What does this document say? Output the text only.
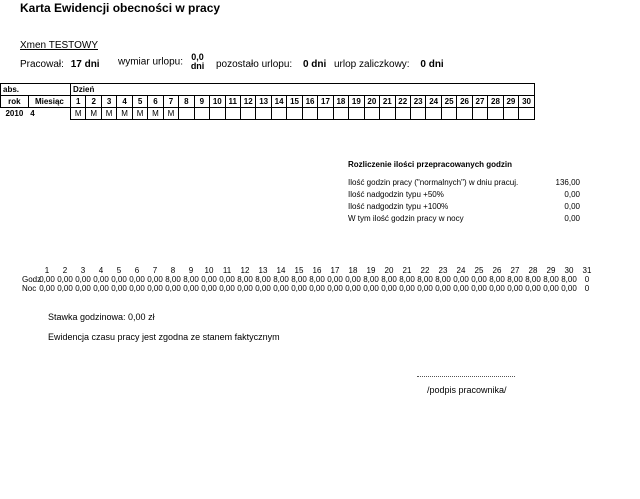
Karta Ewidencji obecności w pracy
Xmen TESTOWY
Pracował: 17 dni wymiar urlopu: 0,0
dni pozostało urlopu: 0 dni urlop zaliczkowy: 0 dni
abs.		Dzień																													
rok	Miesiąc	1	2	3	4	5	6	7	8	9	10	11	12	13	14	15	16	17	18	19	20	21	22	23	24	25	26	27	28	29	30
2010	4	M	M	M	M	M	M	M																							
Rozliczenie ilości przepracowanych godzin
Ilość godzin pracy ("normalnych") w dniu pracuj.	136,00
Ilość nadgodzin typu +50%	0,00
Ilość nadgodzin typu +100%	0,00
W tym ilość godzin pracy w nocy	0,00
1	2	3	4	5	6	7	8	9	10	11	12	13	14	15	16	17	18	19	20	21	22	23	24	25	26	27	28	29	30	31
Godz
0,00 0,00 0,00 0,00 0,00 0,00 0,00 8,00 8,00 0,00 0,00 8,00 8,00 8,00 8,00 8,00 0,00 0,00 8,00 8,00 8,00 8,00 8,00 0,00 0,00 8,00 8,00 8,00 8,00 8,00 0
Noc 0,00 0,00 0,00 0,00 0,00 0,00 0,00 0,00 0,00 0,00 0,00 0,00 0,00 0,00 0,00 0,00 0,00 0,00 0,00 0,00 0,00 0,00 0,00 0,00 0,00 0,00 0,00 0,00 0,00 0,00 0
Stawka godzinowa: 0,00 zł
Ewidencja czasu pracy jest zgodna ze stanem faktycznym
/podpis pracownika/
